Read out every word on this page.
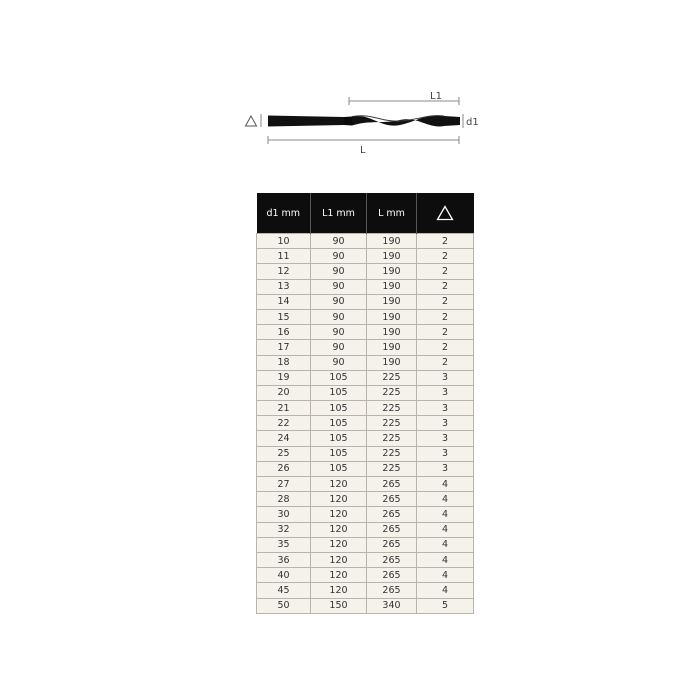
L1
d1
L
d1 mm	L1 mm	L mm	
10	90	190	2
11	90	190	2
12	90	190	2
13	90	190	2
14	90	190	2
15	90	190	2
16	90	190	2
17	90	190	2
18	90	190	2
19	105	225	3
20	105	225	3
21	105	225	3
22	105	225	3
24	105	225	3
25	105	225	3
26	105	225	3
27	120	265	4
28	120	265	4
30	120	265	4
32	120	265	4
35	120	265	4
36	120	265	4
40	120	265	4
45	120	265	4
50	150	340	5
